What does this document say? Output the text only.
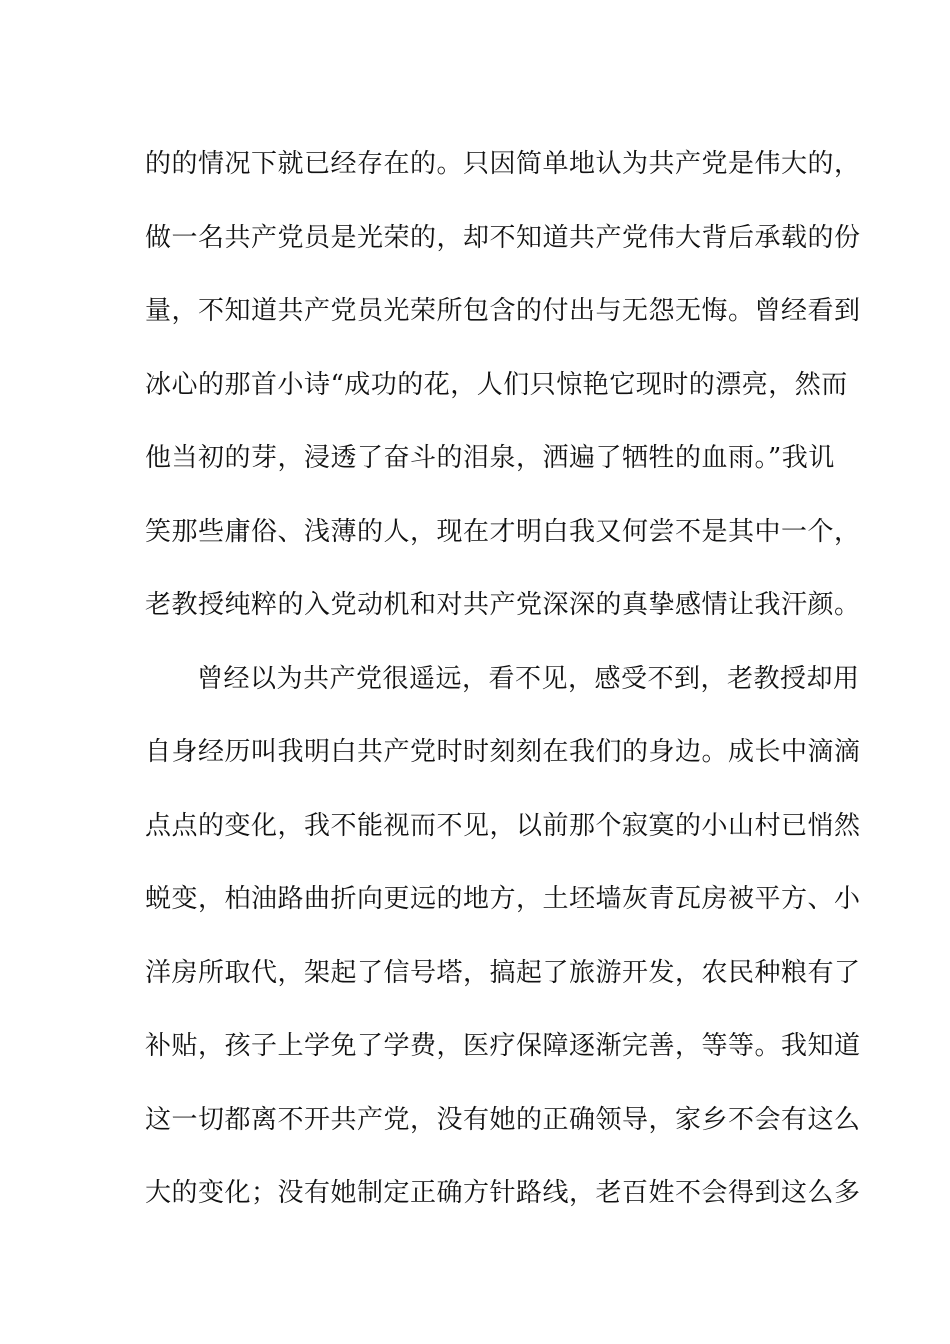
的的情况下就已经存在的。只因简单地认为共产党是伟大的，
做一名共产党员是光荣的，却不知道共产党伟大背后承载的份
量，不知道共产党员光荣所包含的付出与无怨无悔。曾经看到
冰心的那首小诗“成功的花，人们只惊艳它现时的漂亮，然而
他当初的芽，浸透了奋斗的泪泉，洒遍了牺牲的血雨。”我讥
笑那些庸俗、浅薄的人，现在才明白我又何尝不是其中一个，
老教授纯粹的入党动机和对共产党深深的真挚感情让我汗颜。
曾经以为共产党很遥远，看不见，感受不到，老教授却用
自身经历叫我明白共产党时时刻刻在我们的身边。成长中滴滴
点点的变化，我不能视而不见，以前那个寂寞的小山村已悄然
蜕变，柏油路曲折向更远的地方，土坯墙灰青瓦房被平方、小
洋房所取代，架起了信号塔，搞起了旅游开发，农民种粮有了
补贴，孩子上学免了学费，医疗保障逐渐完善，等等。我知道
这一切都离不开共产党，没有她的正确领导，家乡不会有这么
大的变化；没有她制定正确方针路线，老百姓不会得到这么多
